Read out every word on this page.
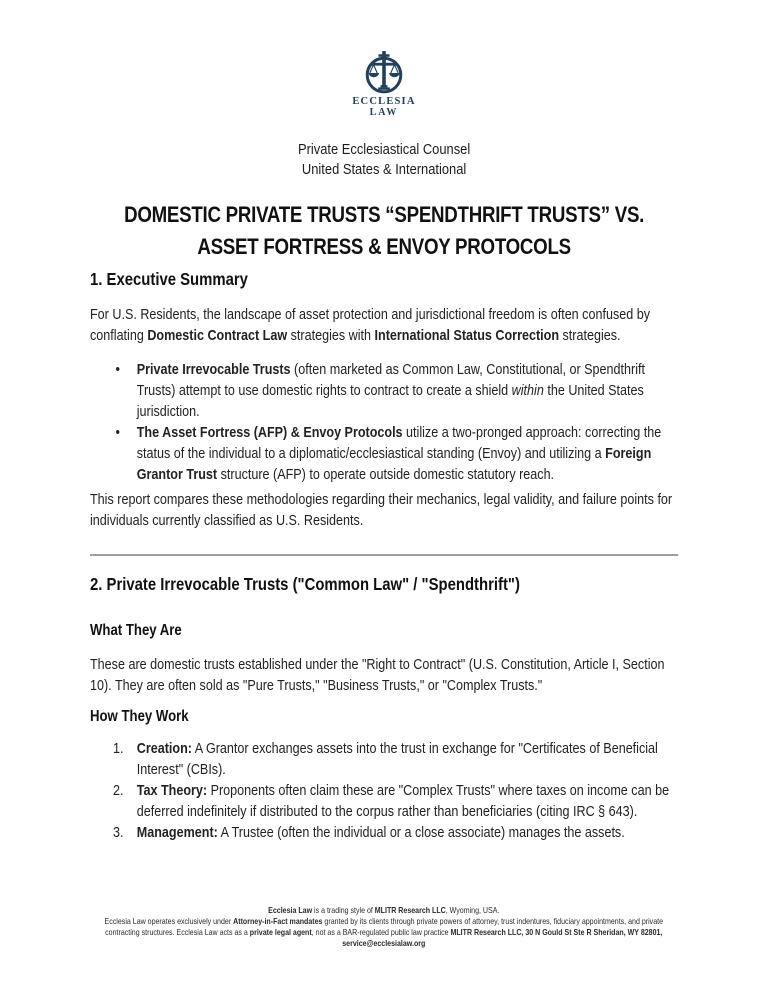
ECCLESIA
LAW

Private Ecclesiastical Counsel
United States & International

DOMESTIC PRIVATE TRUSTS “SPENDTHRIFT TRUSTS” VS.
ASSET FORTRESS & ENVOY PROTOCOLS
1. Executive Summary

For U.S. Residents, the landscape of asset protection and jurisdictional freedom is often confused by conflating Domestic Contract Law strategies with International Status Correction strategies.

• Private Irrevocable Trusts (often marketed as Common Law, Constitutional, or Spendthrift Trusts) attempt to use domestic rights to contract to create a shield within the United States jurisdiction.
• The Asset Fortress (AFP) & Envoy Protocols utilize a two-pronged approach: correcting the status of the individual to a diplomatic/ecclesiastical standing (Envoy) and utilizing a Foreign Grantor Trust structure (AFP) to operate outside domestic statutory reach.

This report compares these methodologies regarding their mechanics, legal validity, and failure points for individuals currently classified as U.S. Residents.

2. Private Irrevocable Trusts ("Common Law" / "Spendthrift")
What They Are

These are domestic trusts established under the "Right to Contract" (U.S. Constitution, Article I, Section 10). They are often sold as "Pure Trusts," "Business Trusts," or "Complex Trusts."

How They Work
Creation: A Grantor exchanges assets into the trust in exchange for "Certificates of Beneficial Interest" (CBIs).
Tax Theory: Proponents often claim these are "Complex Trusts" where taxes on income can be deferred indefinitely if distributed to the corpus rather than beneficiaries (citing IRC § 643).
Management: A Trustee (often the individual or a close associate) manages the assets.

Ecclesia Law is a trading style of MLITR Research LLC, Wyoming, USA.

Ecclesia Law operates exclusively under Attorney-in-Fact mandates granted by its clients through private powers of attorney, trust indentures, fiduciary appointments, and private contracting structures. Ecclesia Law acts as a private legal agent, not as a BAR-regulated public law practice MLITR Research LLC, 30 N Gould St Ste R Sheridan, WY 82801, service@ecclesialaw.org
